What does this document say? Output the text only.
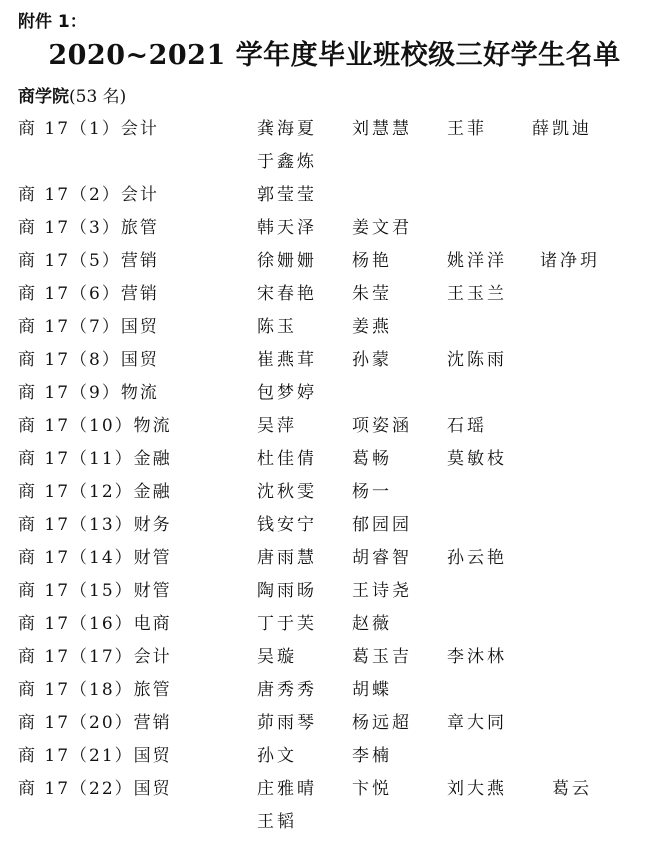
附件 1：
2020~2021 学年度毕业班校级三好学生名单
商学院(53 名)
商 17（1）会计	龚海夏 刘慧慧 王菲	薛凯迪
于鑫炼
商 17（2）会计	郭莹莹
商 17（3）旅管	韩天泽 姜文君
商 17（5）营销	徐姗姗 杨艳	姚洋洋 诸净玥
商 17（6）营销	宋春艳 朱莹	王玉兰
商 17（7）国贸	陈玉	姜燕
商 17（8）国贸	崔燕茸 孙蒙	沈陈雨
商 17（9）物流	包梦婷
商 17（10）物流	吴萍	项姿涵 石瑶
商 17（11）金融	杜佳倩 葛畅	莫敏枝
商 17（12）金融	沈秋雯 杨一
商 17（13）财务	钱安宁 郁园园
商 17（14）财管	唐雨慧 胡睿智 孙云艳
商 17（15）财管	陶雨旸 王诗尧
商 17（16）电商	丁于芙 赵薇
商 17（17）会计	吴璇	葛玉吉 李沐林
商 17（18）旅管	唐秀秀 胡蝶
商 17（20）营销	茆雨琴 杨远超 章大同
商 17（21）国贸	孙文	李楠
商 17（22）国贸	庄雅晴 卞悦	刘大燕	葛云
王韬
